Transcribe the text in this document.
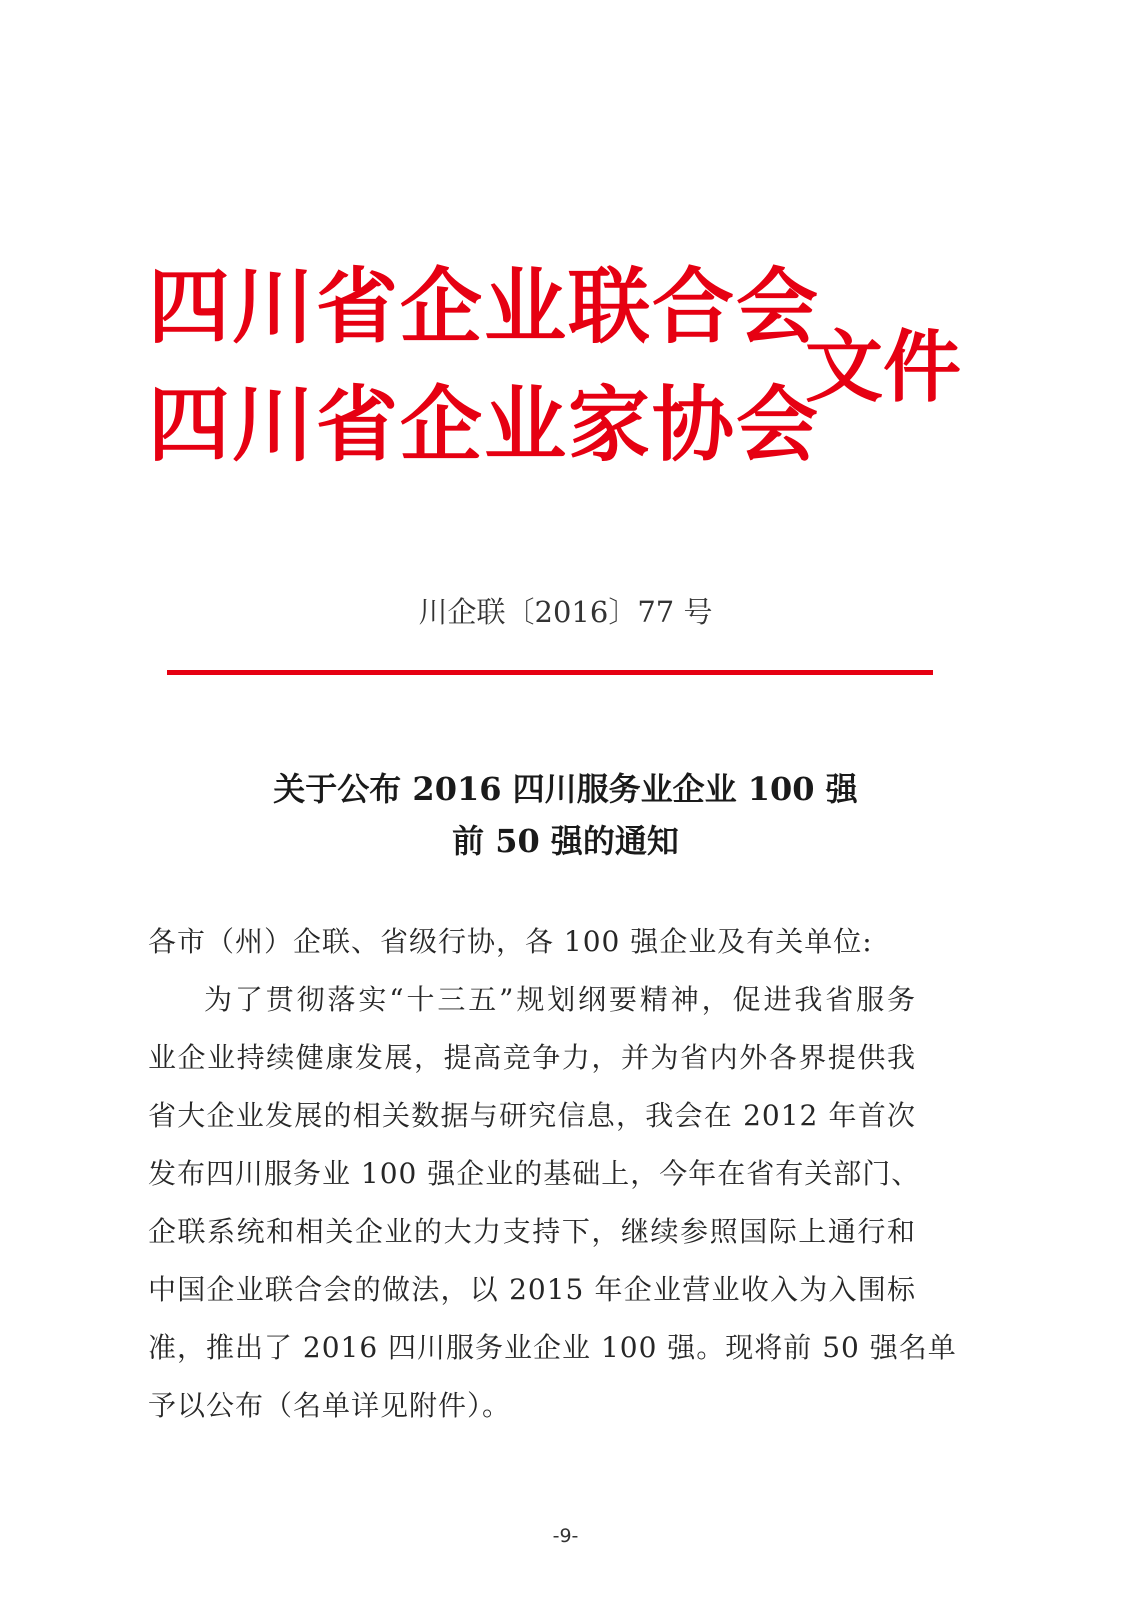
四川省企业联合会
四川省企业家协会
文件
川企联〔2016〕77 号
关于公布 2016 四川服务业企业 100 强
前 50 强的通知
各市（州）企联、省级行协，各 100 强企业及有关单位:
为了贯彻落实“十三五”规划纲要精神，促进我省服务
业企业持续健康发展，提高竞争力，并为省内外各界提供我
省大企业发展的相关数据与研究信息，我会在 2012 年首次
发布四川服务业 100 强企业的基础上，今年在省有关部门、
企联系统和相关企业的大力支持下，继续参照国际上通行和
中国企业联合会的做法，以 2015 年企业营业收入为入围标
准，推出了 2016 四川服务业企业 100 强。现将前 50 强名单
予以公布（名单详见附件）。
-9-
